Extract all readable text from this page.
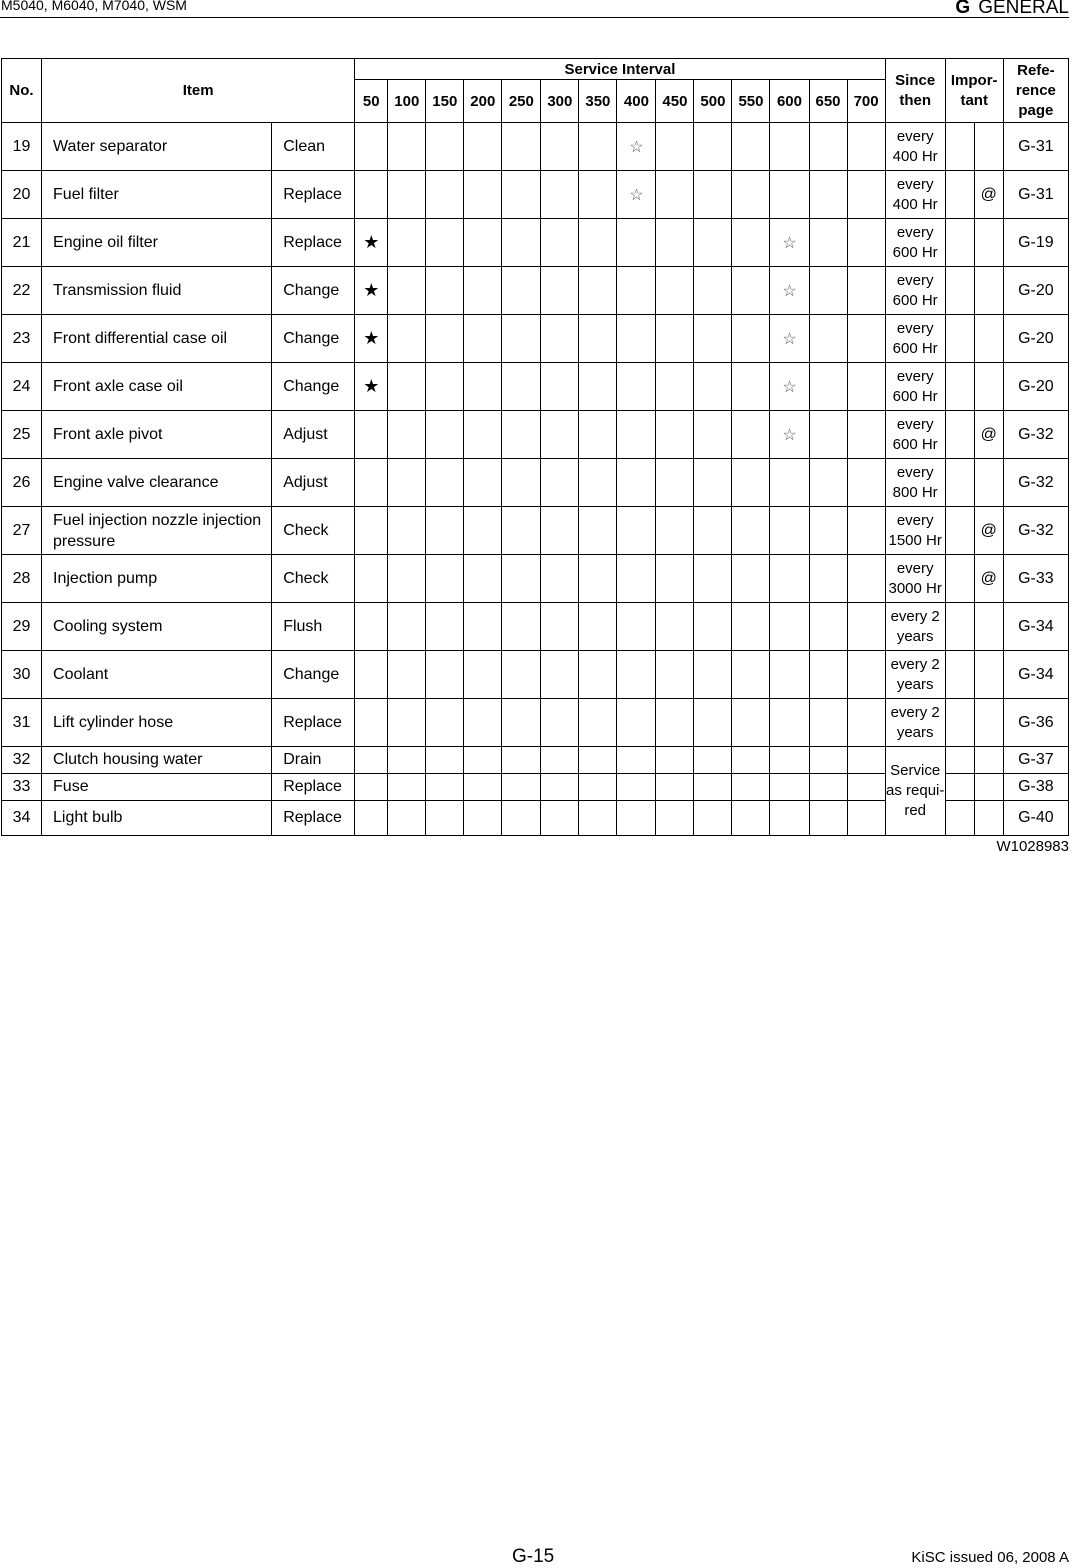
M5040, M6040, M7040, WSM	G GENERAL
No.	Item		Service Interval														Since then	Impor- tant		Refe- rence page
			50	100	150	200	250	300	350	400	450	500	550	600	650	700				
19	Water separator	Clean								☆							every 400 Hr			G-31
20	Fuel filter	Replace								☆							every 400 Hr		@	G-31
21	Engine oil filter	Replace	★											☆			every 600 Hr			G-19
22	Transmission fluid	Change	★											☆			every 600 Hr			G-20
23	Front differential case oil	Change	★											☆			every 600 Hr			G-20
24	Front axle case oil	Change	★											☆			every 600 Hr			G-20
25	Front axle pivot	Adjust												☆			every 600 Hr		@	G-32
26	Engine valve clearance	Adjust															every 800 Hr			G-32
27	Fuel injection nozzle injection pressure	Check															every 1500 Hr		@	G-32
28	Injection pump	Check															every 3000 Hr		@	G-33
29	Cooling system	Flush															every 2 years			G-34
30	Coolant	Change															every 2 years			G-34
31	Lift cylinder hose	Replace															every 2 years			G-36
32	Clutch housing water	Drain															Service as requi- red			G-37
33	Fuse	Replace																		G-38
34	Light bulb	Replace																		G-40
W1028983
G-15	KiSC issued 06, 2008 A
